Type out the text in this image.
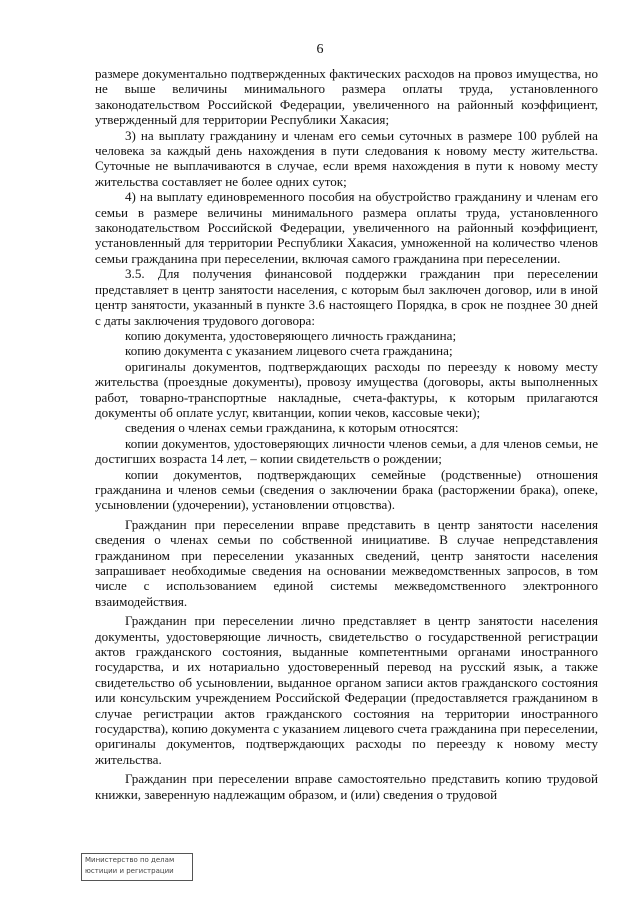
6

размере документально подтвержденных фактических расходов на провоз имущества, но не выше величины минимального размера оплаты труда, установленного законодательством Российской Федерации, увеличенного на районный коэффициент, утвержденный для территории Республики Хакасия;

3) на выплату гражданину и членам его семьи суточных в размере 100 рублей на человека за каждый день нахождения в пути следования к новому месту жительства. Суточные не выплачиваются в случае, если время нахождения в пути к новому месту жительства составляет не более одних суток;

4) на выплату единовременного пособия на обустройство гражданину и членам его семьи в размере величины минимального размера оплаты труда, установленного законодательством Российской Федерации, увеличенного на районный коэффициент, установленный для территории Республики Хакасия, умноженной на количество членов семьи гражданина при переселении, включая самого гражданина при переселении.

3.5. Для получения финансовой поддержки гражданин при переселении представляет в центр занятости населения, с которым был заключен договор, или в иной центр занятости, указанный в пункте 3.6 настоящего Порядка, в срок не позднее 30 дней с даты заключения трудового договора:

копию документа, удостоверяющего личность гражданина;

копию документа с указанием лицевого счета гражданина;

оригиналы документов, подтверждающих расходы по переезду к новому месту жительства (проездные документы), провозу имущества (договоры, акты выполненных работ, товарно-транспортные накладные, счета-фактуры, к которым прилагаются документы об оплате услуг, квитанции, копии чеков, кассовые чеки);

сведения о членах семьи гражданина, к которым относятся:

копии документов, удостоверяющих личности членов семьи, а для членов семьи, не достигших возраста 14 лет, – копии свидетельств о рождении;

копии документов, подтверждающих семейные (родственные) отношения гражданина и членов семьи (сведения о заключении брака (расторжении брака), опеке, усыновлении (удочерении), установлении отцовства).

Гражданин при переселении вправе представить в центр занятости населения сведения о членах семьи по собственной инициативе. В случае непредставления гражданином при переселении указанных сведений, центр занятости населения запрашивает необходимые сведения на основании межведомственных запросов, в том числе с использованием единой системы межведомственного электронного взаимодействия.

Гражданин при переселении лично представляет в центр занятости населения документы, удостоверяющие личность, свидетельство о государственной регистрации актов гражданского состояния, выданные компетентными органами иностранного государства, и их нотариально удостоверенный перевод на русский язык, а также свидетельство об усыновлении, выданное органом записи актов гражданского состояния или консульским учреждением Российской Федерации (предоставляется гражданином в случае регистрации актов гражданского состояния на территории иностранного государства), копию документа с указанием лицевого счета гражданина при переселении, оригиналы документов, подтверждающих расходы по переезду к новому месту жительства.

Гражданин при переселении вправе самостоятельно представить копию трудовой книжки, заверенную надлежащим образом, и (или) сведения о трудовой

Министерство по делам
юстиции и регистрации
